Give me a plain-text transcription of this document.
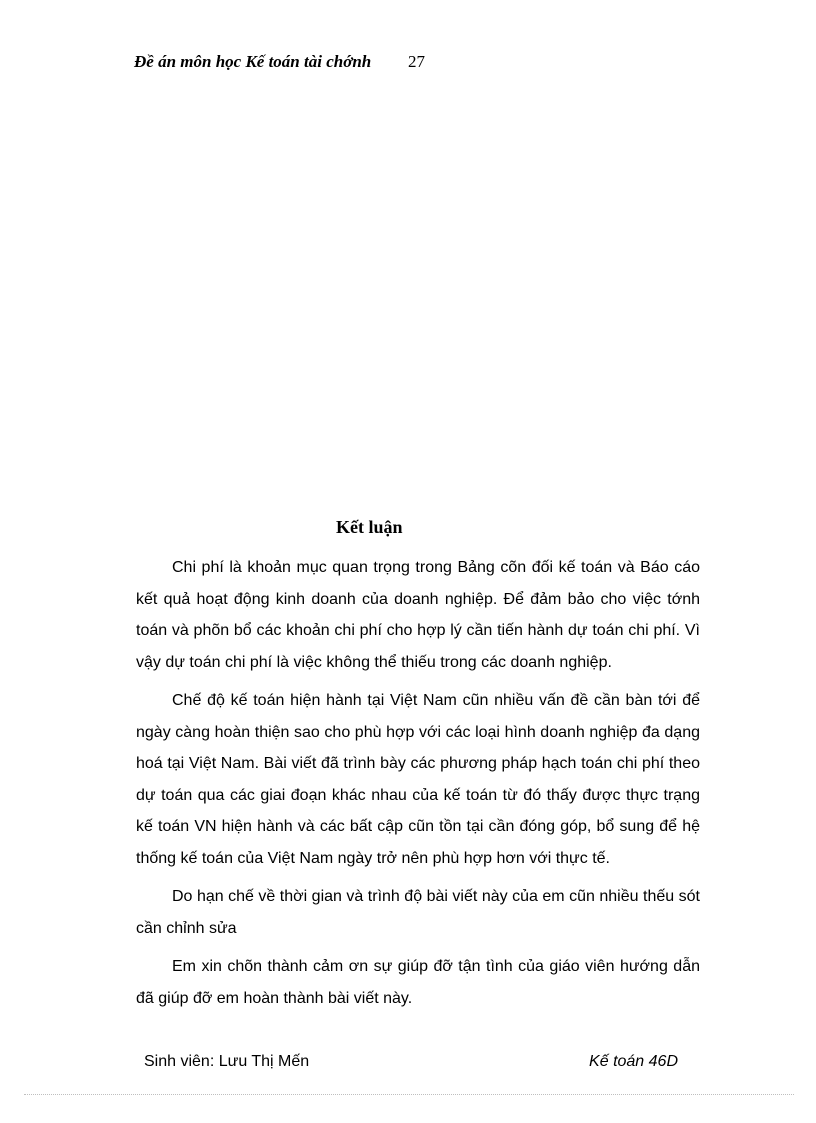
Đề án môn học Kế toán tài chớnh 27
Kết luận

Chi phí là khoản mục quan trọng trong Bảng cõn đối kế toán và Báo cáo kết quả hoạt động kinh doanh của doanh nghiệp. Để đảm bảo cho việc tớnh toán và phõn bổ các khoản chi phí cho hợp lý cần tiến hành dự toán chi phí. Vì vậy dự toán chi phí là việc không thể thiếu trong các doanh nghiệp.

Chế độ kế toán hiện hành tại Việt Nam cũn nhiều vấn đề cần bàn tới để ngày càng hoàn thiện sao cho phù hợp với các loại hình doanh nghiệp đa dạng hoá tại Việt Nam. Bài viết đã trình bày các phương pháp hạch toán chi phí theo dự toán qua các giai đoạn khác nhau của kế toán từ đó thấy được thực trạng kế toán VN hiện hành và các bất cập cũn tồn tại cần đóng góp, bổ sung để hệ thống kế toán của Việt Nam ngày trở nên phù hợp hơn với thực tế.

Do hạn chế về thời gian và trình độ bài viết này của em cũn nhiều thếu sót cần chỉnh sửa

Em xin chõn thành cảm ơn sự giúp đỡ tận tình của giáo viên hướng dẫn đã giúp đỡ em hoàn thành bài viết này.

Sinh viên: Lưu Thị Mến	Kế toán 46D
